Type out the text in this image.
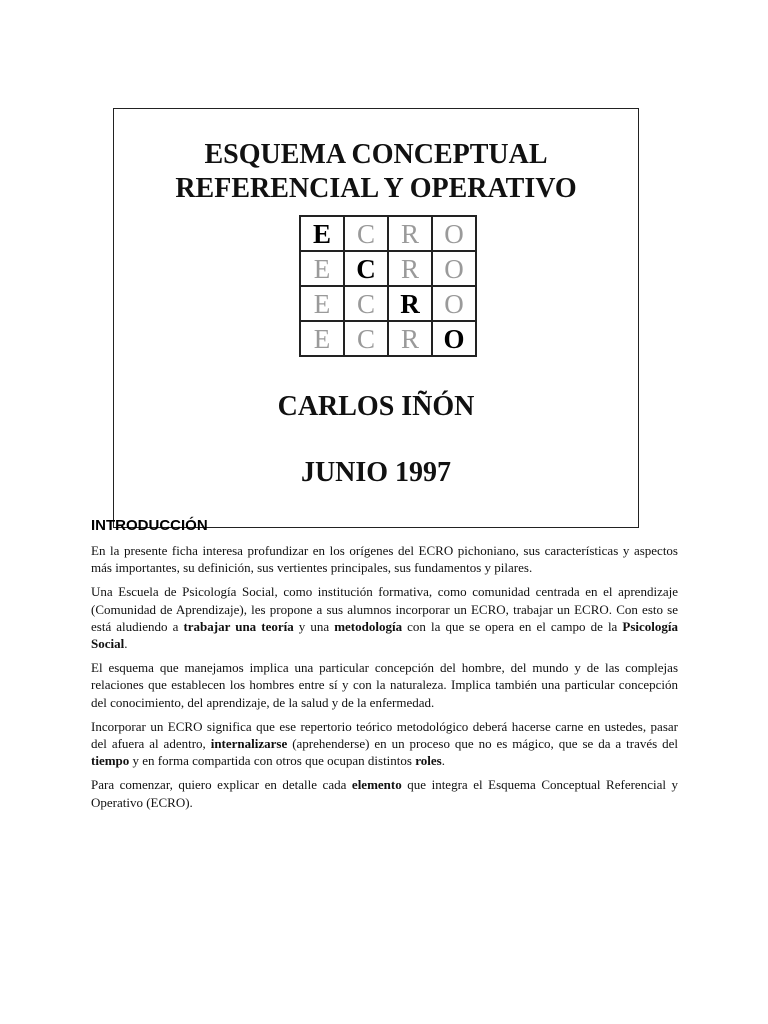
ESQUEMA CONCEPTUAL
REFERENCIAL Y OPERATIVO
E	C	R	O
E	C	R	O
E	C	R	O
E	C	R	O
CARLOS IÑÓN
JUNIO 1997
INTRODUCCIÓN

En la presente ficha interesa profundizar en los orígenes del ECRO pichoniano, sus características y aspectos más importantes, su definición, sus vertientes principales, sus fundamentos y pilares.

Una Escuela de Psicología Social, como institución formativa, como comunidad centrada en el aprendizaje (Comunidad de Aprendizaje), les propone a sus alumnos incorporar un ECRO, trabajar un ECRO. Con esto se está aludiendo a trabajar una teoría y una metodología con la que se opera en el campo de la Psicología Social.

El esquema que manejamos implica una particular concepción del hombre, del mundo y de las complejas relaciones que establecen los hombres entre sí y con la naturaleza. Implica también una particular concepción del conocimiento, del aprendizaje, de la salud y de la enfermedad.

Incorporar un ECRO significa que ese repertorio teórico metodológico deberá hacerse carne en ustedes, pasar del afuera al adentro, internalizarse (aprehenderse) en un proceso que no es mágico, que se da a través del tiempo y en forma compartida con otros que ocupan distintos roles.

Para comenzar, quiero explicar en detalle cada elemento que integra el Esquema Conceptual Referencial y Operativo (ECRO).
